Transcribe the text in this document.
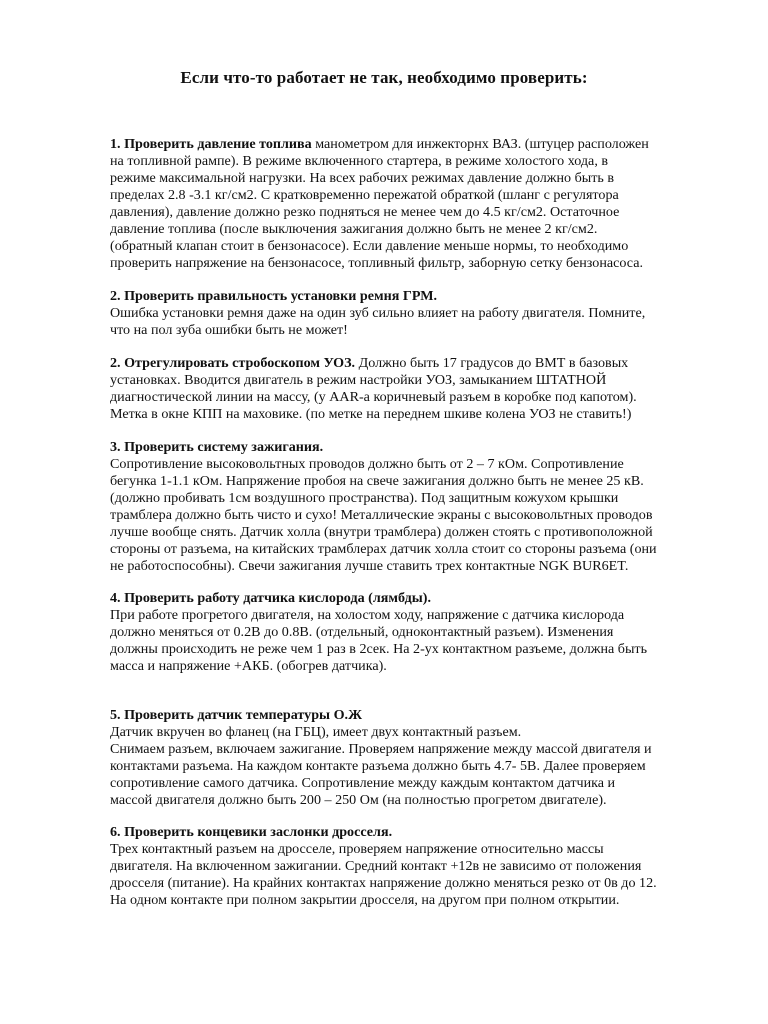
Если что-то работает не так, необходимо проверить:

1. Проверить давление топлива манометром для инжекторнх ВАЗ. (штуцер расположен

на топливной рампе). В режиме включенного стартера, в режиме холостого хода, в

режиме максимальной нагрузки. На всех рабочих режимах давление должно быть в

пределах 2.8 -3.1 кг/см2. С кратковременно пережатой обраткой (шланг с регулятора

давления), давление должно резко подняться не менее чем до 4.5 кг/см2. Остаточное

давление топлива (после выключения зажигания должно быть не менее 2 кг/см2.

(обратный клапан стоит в бензонасосе). Если давление меньше нормы, то необходимо

проверить напряжение на бензонасосе, топливный фильтр, заборную сетку бензонасоса.

2. Проверить правильность установки ремня ГРМ.

Ошибка установки ремня даже на один зуб сильно влияет на работу двигателя. Помните,

что на пол зуба ошибки быть не может!

2. Отрегулировать стробоскопом УОЗ. Должно быть 17 градусов до ВМТ в базовых

установках. Вводится двигатель в режим настройки УОЗ, замыканием ШТАТНОЙ

диагностической линии на массу, (у AAR-а коричневый разъем в коробке под капотом).

Метка в окне КПП на маховике. (по метке на переднем шкиве колена УОЗ не ставить!)

3. Проверить систему зажигания.

Сопротивление высоковольтных проводов должно быть от 2 – 7 кОм. Сопротивление

бегунка 1-1.1 кОм. Напряжение пробоя на свече зажигания должно быть не менее 25 кВ.

(должно пробивать 1см воздушного пространства). Под защитным кожухом крышки

трамблера должно быть чисто и сухо! Металлические экраны с высоковольтных проводов

лучше вообще снять. Датчик холла (внутри трамблера) должен стоять с противоположной

стороны от разъема, на китайских трамблерах датчик холла стоит со стороны разъема (они

не работоспособны). Свечи зажигания лучше ставить трех контактные NGK BUR6ET.

4. Проверить работу датчика кислорода (лямбды).

При работе прогретого двигателя, на холостом ходу, напряжение с датчика кислорода

должно меняться от 0.2В до 0.8В. (отдельный, одноконтактный разъем). Изменения

должны происходить не реже чем 1 раз в 2сек. На 2-ух контактном разъеме, должна быть

масса и напряжение +АКБ. (обогрев датчика).

5. Проверить датчик температуры О.Ж

Датчик вкручен во фланец (на ГБЦ), имеет двух контактный разъем.

Снимаем разъем, включаем зажигание. Проверяем напряжение между массой двигателя и

контактами разъема. На каждом контакте разъема должно быть 4.7- 5В. Далее проверяем

сопротивление самого датчика. Сопротивление между каждым контактом датчика и

массой двигателя должно быть 200 – 250 Ом (на полностью прогретом двигателе).

6. Проверить концевики заслонки дросселя.

Трех контактный разъем на дросселе, проверяем напряжение относительно массы

двигателя. На включенном зажигании. Средний контакт +12в не зависимо от положения

дросселя (питание). На крайних контактах напряжение должно меняться резко от 0в до 12.

На одном контакте при полном закрытии дросселя, на другом при полном открытии.
